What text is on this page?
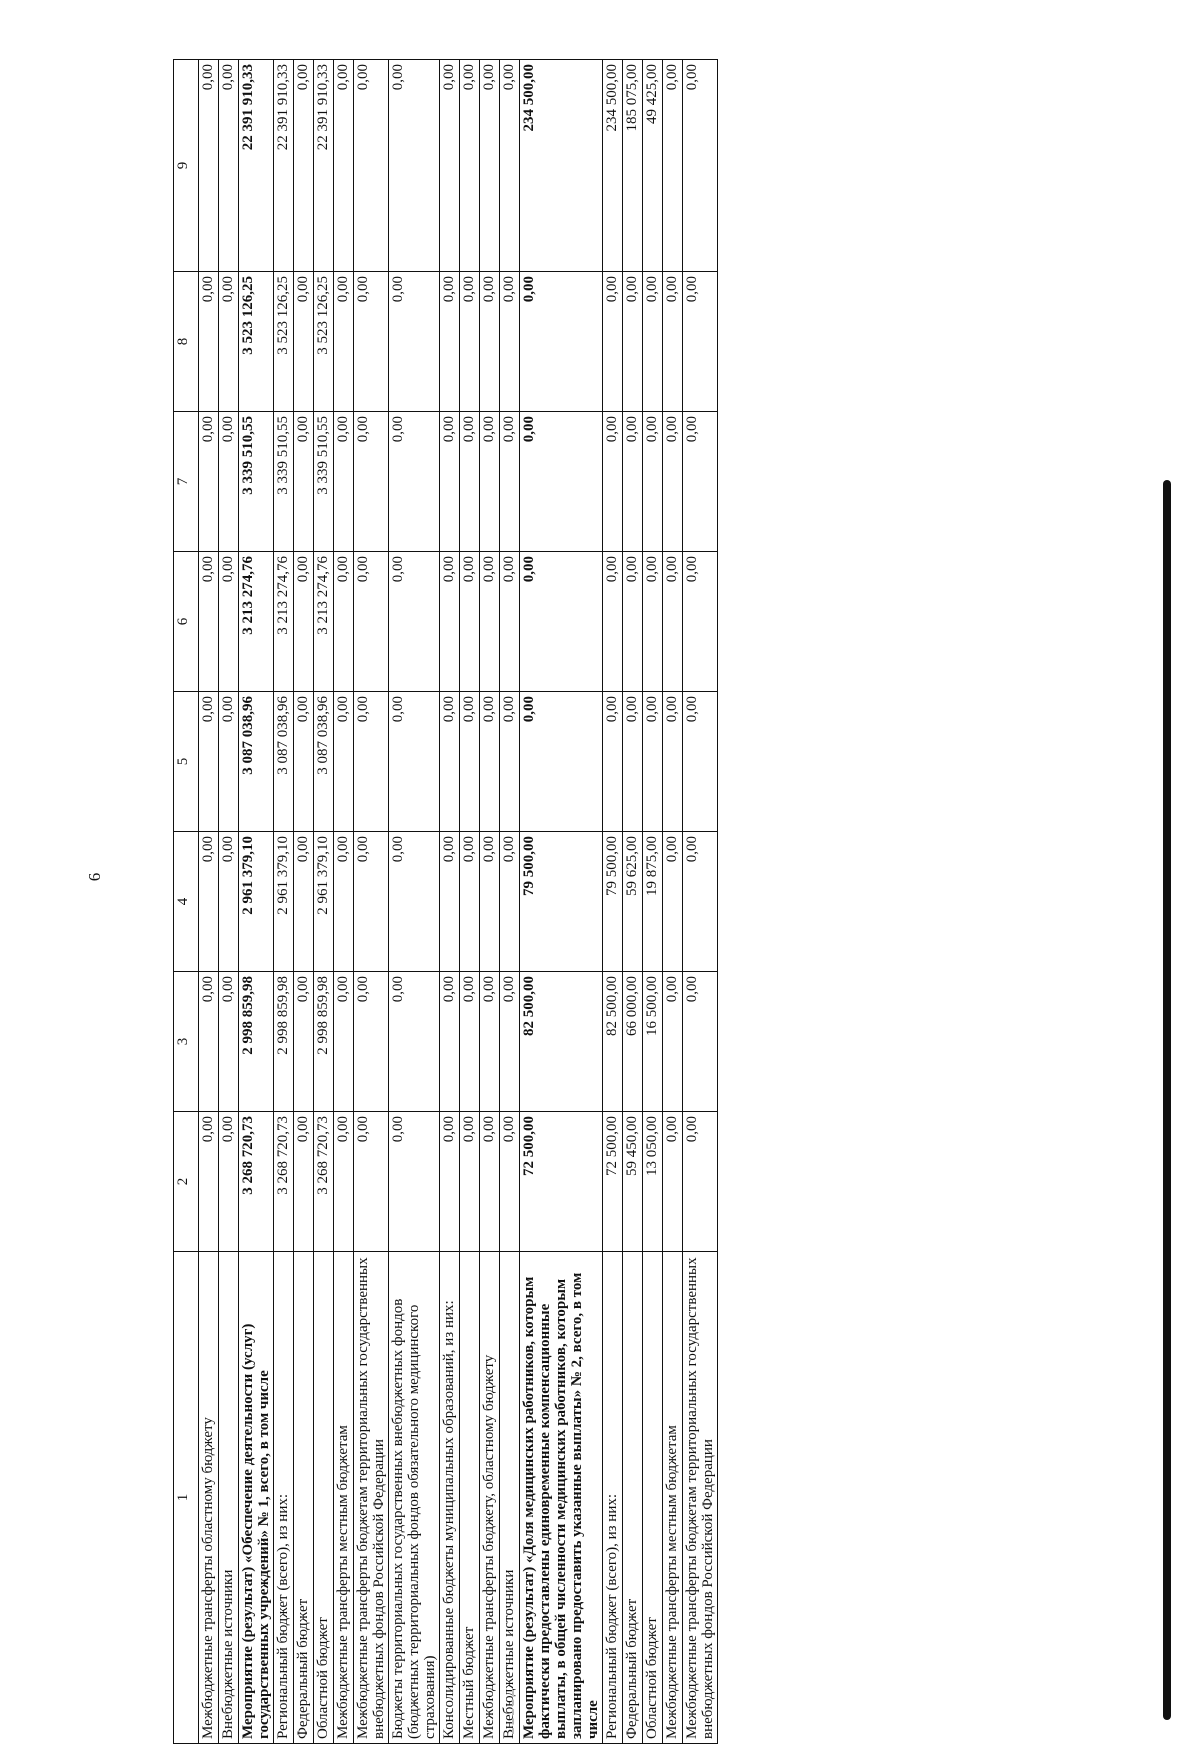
6
1	2	3	4	5	6	7	8	9
Межбюджетные трансферты областному бюджету	0,00	0,00	0,00	0,00	0,00	0,00	0,00	0,00
Внебюджетные источники	0,00	0,00	0,00	0,00	0,00	0,00	0,00	0,00
Мероприятие (результат) «Обеспечение деятельности (услуг) государственных учреждений» № 1, всего, в том числе	3 268 720,73	2 998 859,98	2 961 379,10	3 087 038,96	3 213 274,76	3 339 510,55	3 523 126,25	22 391 910,33
Региональный бюджет (всего), из них:	3 268 720,73	2 998 859,98	2 961 379,10	3 087 038,96	3 213 274,76	3 339 510,55	3 523 126,25	22 391 910,33
Федеральный бюджет	0,00	0,00	0,00	0,00	0,00	0,00	0,00	0,00
Областной бюджет	3 268 720,73	2 998 859,98	2 961 379,10	3 087 038,96	3 213 274,76	3 339 510,55	3 523 126,25	22 391 910,33
Межбюджетные трансферты местным бюджетам	0,00	0,00	0,00	0,00	0,00	0,00	0,00	0,00
Межбюджетные трансферты бюджетам территориальных государственных внебюджетных фондов Российской Федерации	0,00	0,00	0,00	0,00	0,00	0,00	0,00	0,00
Бюджеты территориальных государственных внебюджетных фондов (бюджетных территориальных фондов обязательного медицинского страхования)	0,00	0,00	0,00	0,00	0,00	0,00	0,00	0,00
Консолидированные бюджеты муниципальных образований, из них:	0,00	0,00	0,00	0,00	0,00	0,00	0,00	0,00
Местный бюджет	0,00	0,00	0,00	0,00	0,00	0,00	0,00	0,00
Межбюджетные трансферты бюджету, областному бюджету	0,00	0,00	0,00	0,00	0,00	0,00	0,00	0,00
Внебюджетные источники	0,00	0,00	0,00	0,00	0,00	0,00	0,00	0,00
Мероприятие (результат) «Доля медицинских работников, которым фактически предоставлены единовременные компенсационные выплаты, в общей численности медицинских работников, которым запланировано предоставить указанные выплаты» № 2, всего, в том числе	72 500,00	82 500,00	79 500,00	0,00	0,00	0,00	0,00	234 500,00
Региональный бюджет (всего), из них:	72 500,00	82 500,00	79 500,00	0,00	0,00	0,00	0,00	234 500,00
Федеральный бюджет	59 450,00	66 000,00	59 625,00	0,00	0,00	0,00	0,00	185 075,00
Областной бюджет	13 050,00	16 500,00	19 875,00	0,00	0,00	0,00	0,00	49 425,00
Межбюджетные трансферты местным бюджетам	0,00	0,00	0,00	0,00	0,00	0,00	0,00	0,00
Межбюджетные трансферты бюджетам территориальных государственных внебюджетных фондов Российской Федерации	0,00	0,00	0,00	0,00	0,00	0,00	0,00	0,00
